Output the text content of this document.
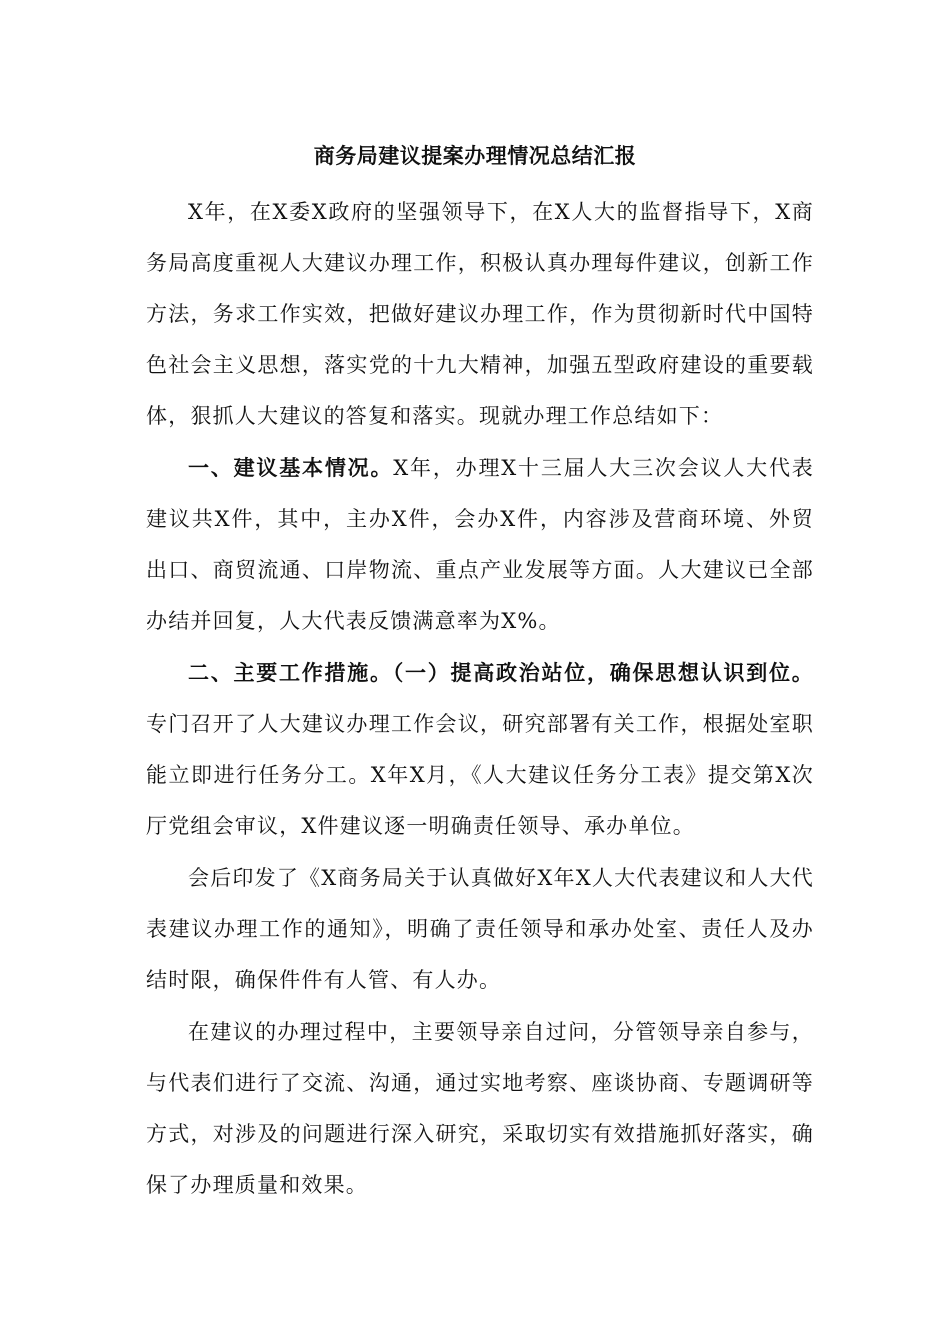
商务局建议提案办理情况总结汇报

X年，在X委X政府的坚强领导下，在X人大的监督指导下，X商务局高度重视人大建议办理工作，积极认真办理每件建议，创新工作方法，务求工作实效，把做好建议办理工作，作为贯彻新时代中国特色社会主义思想，落实党的十九大精神，加强五型政府建设的重要载体，狠抓人大建议的答复和落实。现就办理工作总结如下：

一、建议基本情况。X年，办理X十三届人大三次会议人大代表建议共X件，其中，主办X件，会办X件，内容涉及营商环境、外贸出口、商贸流通、口岸物流、重点产业发展等方面。人大建议已全部办结并回复，人大代表反馈满意率为X%。

二、主要工作措施。（一）提高政治站位，确保思想认识到位。专门召开了人大建议办理工作会议，研究部署有关工作，根据处室职能立即进行任务分工。X年X月，《人大建议任务分工表》提交第X次厅党组会审议，X件建议逐一明确责任领导、承办单位。

会后印发了《X商务局关于认真做好X年X人大代表建议和人大代表建议办理工作的通知》，明确了责任领导和承办处室、责任人及办结时限，确保件件有人管、有人办。

在建议的办理过程中，主要领导亲自过问，分管领导亲自参与，与代表们进行了交流、沟通，通过实地考察、座谈协商、专题调研等方式，对涉及的问题进行深入研究，采取切实有效措施抓好落实，确保了办理质量和效果。
